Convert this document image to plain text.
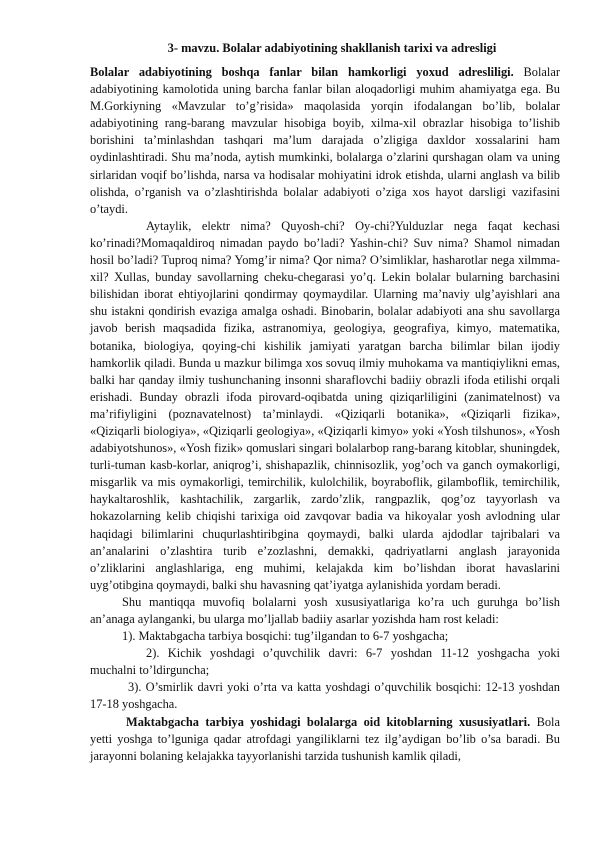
3- mavzu. Bolalar adabiyotining shakllanish tarixi va adresligi

Bolalar adabiyotining boshqa fanlar bilan hamkorligi yoxud adresliligi. Bolalar adabiyotining kamolotida uning barcha fanlar bilan aloqadorligi muhim ahamiyatga ega. Bu M.Gorkiyning «Mavzular to’g’risida» maqolasida yorqin ifodalangan bo’lib, bolalar adabiyotining rang-barang mavzular hisobiga boyib, xilma-xil obrazlar hisobiga to’lishib borishini ta’minlashdan tashqari ma’lum darajada o’zligiga daxldor xossalarini ham oydinlashtiradi. Shu ma’noda, aytish mumkinki, bolalarga o’zlarini qurshagan olam va uning sirlaridan voqif bo’lishda, narsa va hodisalar mohiyatini idrok etishda, ularni anglash va bilib olishda, o’rganish va o’zlashtirishda bolalar adabiyoti o’ziga xos hayot darsligi vazifasini o’taydi.

Aytaylik, elektr nima? Quyosh-chi? Oy-chi?Yulduzlar nega faqat kechasi ko’rinadi?Momaqaldiroq nimadan paydo bo’ladi? Yashin-chi? Suv nima? Shamol nimadan hosil bo’ladi? Tuproq nima? Yomg’ir nima? Qor nima? O’simliklar, hasharotlar nega xilmma-xil? Xullas, bunday savollarning cheku-chegarasi yo’q. Lekin bolalar bularning barchasini bilishidan iborat ehtiyojlarini qondirmay qoymaydilar. Ularning ma’naviy ulg’ayishlari ana shu istakni qondirish evaziga amalga oshadi. Binobarin, bolalar adabiyoti ana shu savollarga javob berish maqsadida fizika, astranomiya, geologiya, geografiya, kimyo, matematika, botanika, biologiya, qoying-chi kishilik jamiyati yaratgan barcha bilimlar bilan ijodiy hamkorlik qiladi. Bunda u mazkur bilimga xos sovuq ilmiy muhokama va mantiqiylikni emas, balki har qanday ilmiy tushunchaning insonni sharaflovchi badiiy obrazli ifoda etilishi orqali erishadi. Bunday obrazli ifoda pirovard-oqibatda uning qiziqarliligini (zanimatelnost) va ma’rifiyligini (poznavatelnost) ta’minlaydi. «Qiziqarli botanika», «Qiziqarli fizika», «Qiziqarli biologiya», «Qiziqarli geologiya», «Qiziqarli kimyo» yoki «Yosh tilshunos», «Yosh adabiyotshunos», «Yosh fizik» qomuslari singari bolalarbop rang-barang kitoblar, shuningdek, turli-tuman kasb-korlar, aniqrog’i, shishapazlik, chinnisozlik, yog’och va ganch oymakorligi, misgarlik va mis oymakorligi, temirchilik, kulolchilik, boyraboflik, gilamboflik, temirchilik, haykaltaroshlik, kashtachilik, zargarlik, zardo’zlik, rangpazlik, qog’oz tayyorlash va hokazolarning kelib chiqishi tarixiga oid zavqovar badia va hikoyalar yosh avlodning ular haqidagi bilimlarini chuqurlashtiribgina qoymaydi, balki ularda ajdodlar tajribalari va an’analarini o’zlashtira turib e’zozlashni, demakki, qadriyatlarni anglash jarayonida o’zliklarini anglashlariga, eng muhimi, kelajakda kim bo’lishdan iborat havaslarini uyg’otibgina qoymaydi, balki shu havasning qat’iyatga aylanishida yordam beradi.

Shu mantiqqa muvofiq bolalarni yosh xususiyatlariga ko’ra uch guruhga bo’lish an’anaga aylanganki, bu ularga mo’ljallab badiiy asarlar yozishda ham rost keladi:

1). Maktabgacha tarbiya bosqichi: tug’ilgandan to 6-7 yoshgacha;

2). Kichik yoshdagi o’quvchilik davri: 6-7 yoshdan 11-12 yoshgacha yoki muchalni to’ldirguncha;

3). O’smirlik davri yoki o’rta va katta yoshdagi o’quvchilik bosqichi: 12-13 yoshdan 17-18 yoshgacha.

Maktabgacha tarbiya yoshidagi bolalarga oid kitoblarning xususiyatlari. Bola yetti yoshga to’lguniga qadar atrofdagi yangiliklarni tez ilg’aydigan bo’lib o’sa baradi. Bu jarayonni bolaning kelajakka tayyorlanishi tarzida tushunish kamlik qiladi,
